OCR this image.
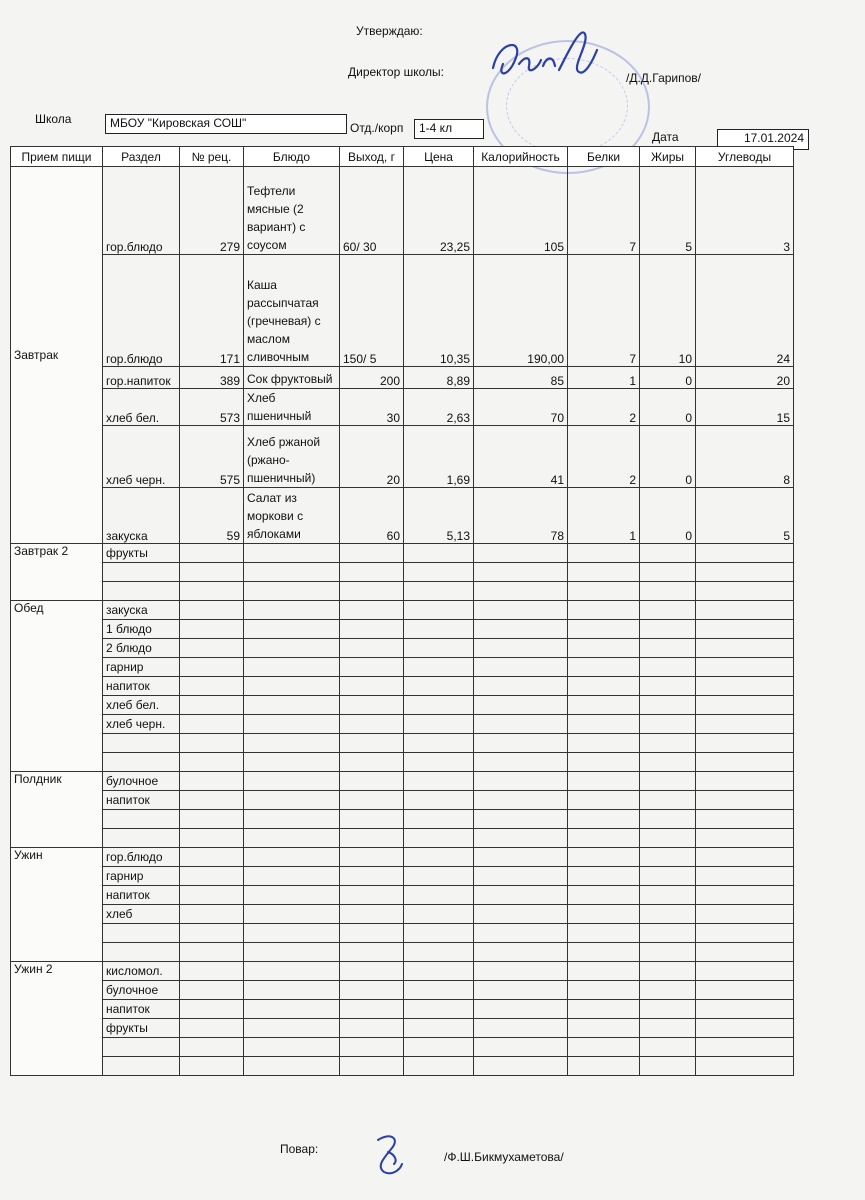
Утверждаю:
Директор школы:	/Д.Д.Гарипов/
Школа	МБОУ "Кировская СОШ"	Отд./корп	1-4 кл
Дата	17.01.2024
Прием пищи	Раздел	№ рец.	Блюдо	Выход, г	Цена	Калорийность	Белки	Жиры	Углеводы
Завтрак	гор.блюдо	279	Тефтели мясные (2 вариант) с соусом	60/ 30	23,25	105	7	5	3
	гор.блюдо	171	Каша рассыпчатая (гречневая) с маслом сливочным	150/ 5	10,35	190,00	7	10	24
	гор.напиток	389	Сок фруктовый	200	8,89	85	1	0	20
	хлеб бел.	573	Хлеб пшеничный	30	2,63	70	2	0	15
	хлеб черн.	575	Хлеб ржаной (ржано-пшеничный)	20	1,69	41	2	0	8
	закуска	59	Салат из моркови с яблоками	60	5,13	78	1	0	5
Завтрак 2	фрукты								

Обед	закуска								
	1 блюдо								
	2 блюдо								
	гарнир								
	напиток								
	хлеб бел.								
	хлеб черн.								

Полдник	булочное								
	напиток								

Ужин	гор.блюдо								
	гарнир								
	напиток								
	хлеб								

Ужин 2	кисломол.								
	булочное								
	напиток								
	фрукты								

Повар:
/Ф.Ш.Бикмухаметова/
